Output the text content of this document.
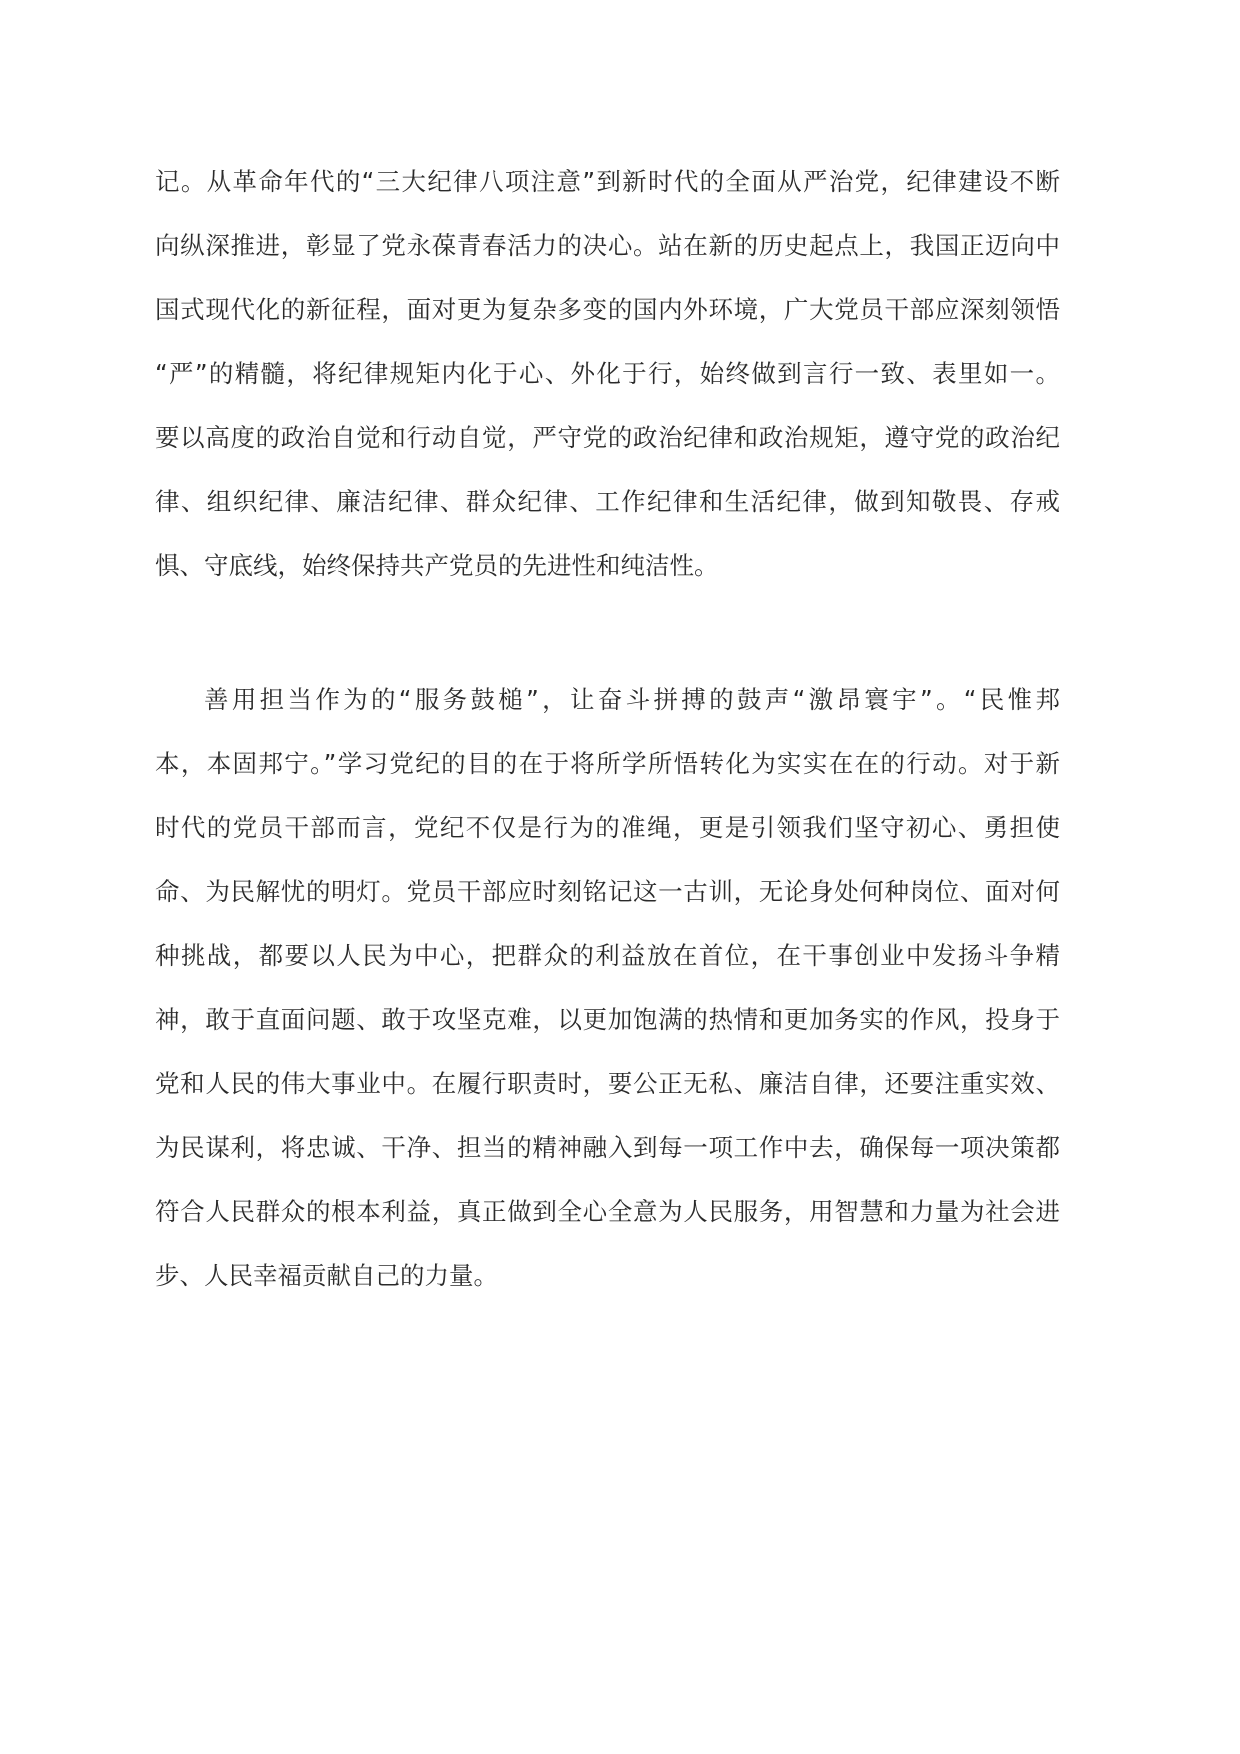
记。从革命年代的“三大纪律八项注意”到新时代的全面从严治党，纪律建设不断
向纵深推进，彰显了党永葆青春活力的决心。站在新的历史起点上，我国正迈向中
国式现代化的新征程，面对更为复杂多变的国内外环境，广大党员干部应深刻领悟
“严”的精髓，将纪律规矩内化于心、外化于行，始终做到言行一致、表里如一。
要以高度的政治自觉和行动自觉，严守党的政治纪律和政治规矩，遵守党的政治纪
律、组织纪律、廉洁纪律、群众纪律、工作纪律和生活纪律，做到知敬畏、存戒
惧、守底线，始终保持共产党员的先进性和纯洁性。
善用担当作为的“服务鼓槌”，让奋斗拼搏的鼓声“激昂寰宇”。“民惟邦
本，本固邦宁。”学习党纪的目的在于将所学所悟转化为实实在在的行动。对于新
时代的党员干部而言，党纪不仅是行为的准绳，更是引领我们坚守初心、勇担使
命、为民解忧的明灯。党员干部应时刻铭记这一古训，无论身处何种岗位、面对何
种挑战，都要以人民为中心，把群众的利益放在首位，在干事创业中发扬斗争精
神，敢于直面问题、敢于攻坚克难，以更加饱满的热情和更加务实的作风，投身于
党和人民的伟大事业中。在履行职责时，要公正无私、廉洁自律，还要注重实效、
为民谋利，将忠诚、干净、担当的精神融入到每一项工作中去，确保每一项决策都
符合人民群众的根本利益，真正做到全心全意为人民服务，用智慧和力量为社会进
步、人民幸福贡献自己的力量。
